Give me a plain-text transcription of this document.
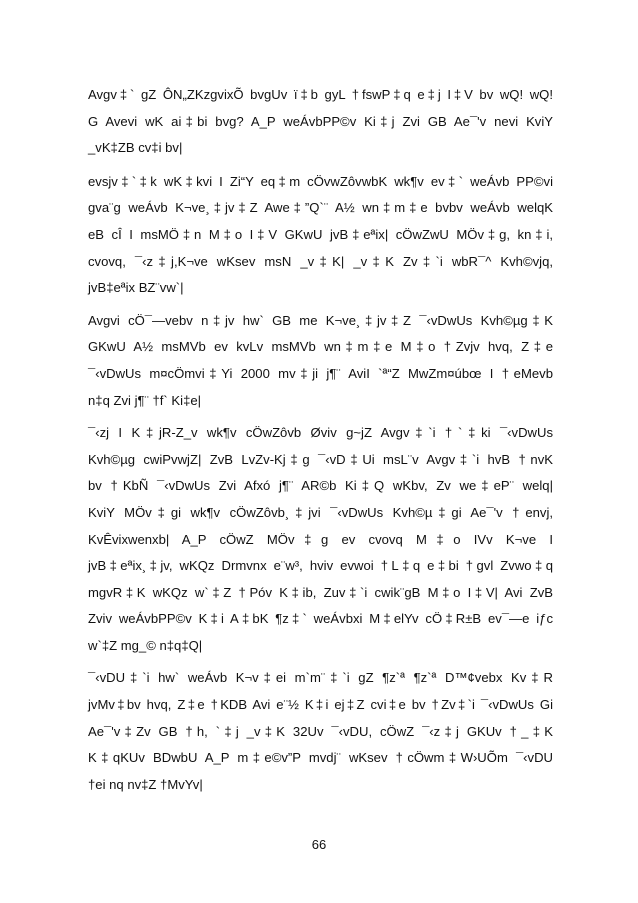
Avgv‡` gZ ÔN„ZKzgvixÕ bvgUv ï‡b gyL †fswP‡q e‡j I‡V bv wQ! wQ!
G Avevi wK ai‡bi bvg? A_P weÁvbPP©v Ki‡j Zvi GB Ae¯'v nevi KviY
_vK‡ZB cv‡i bv|

evsjv‡`‡k wK‡kvi I Zi“Y eq‡m cÖvwZôvwbK wk¶v ev‡` weÁvb PP©vi
gva¨g weÁvb K¬ve¸‡jv‡Z Awe‡”Q`¨ A½ wn‡m‡e bvbv weÁvb welqK
eB cÎ I msMÖ‡n M‡o I‡V GKwU jvB‡eªix| cÖwZwU MÖv‡g, kn‡i,
cvovq, ¯‹z‡j,K¬ve wKsev msN _v‡K| _v‡K Zv‡`i wbR¯^ Kvh©vjq,
jvB‡eªix BZ¨vw`|

Avgvi cÖ¯—vebv n‡jv hw` GB me K¬ve¸‡jv‡Z ¯‹vDwUs Kvh©µg‡K
GKwU A½ msMVb ev kvLv msMVb wn‡m‡e M‡o †Zvjv hvq, Z‡e
¯‹vDwUs m¤cÖmvi‡Yi 2000 mv‡ji j¶¨ AviI `ª“Z MwZm¤úbœ I †eMevb
n‡q Zvi j¶¨ †f` Ki‡e|

¯‹zj I K‡jR-Z_v wk¶v cÖwZôvb Øviv g~jZ Avgv‡`i †`‡ki ¯‹vDwUs
Kvh©µg cwiPvwjZ| ZvB LvZv-Kj‡g ¯‹vD‡Ui msL¨v Avgv‡`i hvB †nvK
bv †KbÑ ¯‹vDwUs Zvi Afxó j¶¨ AR©b Ki‡Q wKbv, Zv we‡eP¨ welq|
KviY MÖv‡gi wk¶v cÖwZôvb¸‡jvi ¯‹vDwUs Kvh©µ‡gi Ae¯'v †envj,
KvÊvixwenxb| A_P cÖwZ MÖv‡g ev cvovq M‡o IVv K¬ve I
jvB‡eªix¸‡jv, wKQz Drmvnx e¨w³, hviv evwoi †L‡q e‡bi †gvl Zvwo‡q
mgvR‡K wKQz w`‡Z †Póv K‡ib, Zuv‡`i cwik¨gB M‡o I‡V| Avi ZvB
Zviv weÁvbPP©v K‡i A‡bK ¶z‡` weÁvbxi M‡elYv cÖ‡R±B ev¯—e iƒc
w`‡Z mg_© n‡q‡Q|

¯‹vDU‡`i hw` weÁvb K¬v‡ei m`m¨‡`i gZ ¶z`ª ¶z`ª D™¢vebx Kv‡R
jvMv‡bv hvq, Z‡e †KDB Avi e¨½ K‡i ej‡Z cvi‡e bv †Zv‡`i ¯‹vDwUs Gi
Ae¯'v‡Zv GB †h, `‡j _v‡K 32Uv ¯‹vDU, cÖwZ ¯‹z‡j GKUv †_‡K
K‡qKUv BDwbU A_P m‡e©v”P mvdj¨ wKsev †cÖwm‡W›UÕm ¯‹vDU
†ei nq nv‡Z †MvYv|

66
